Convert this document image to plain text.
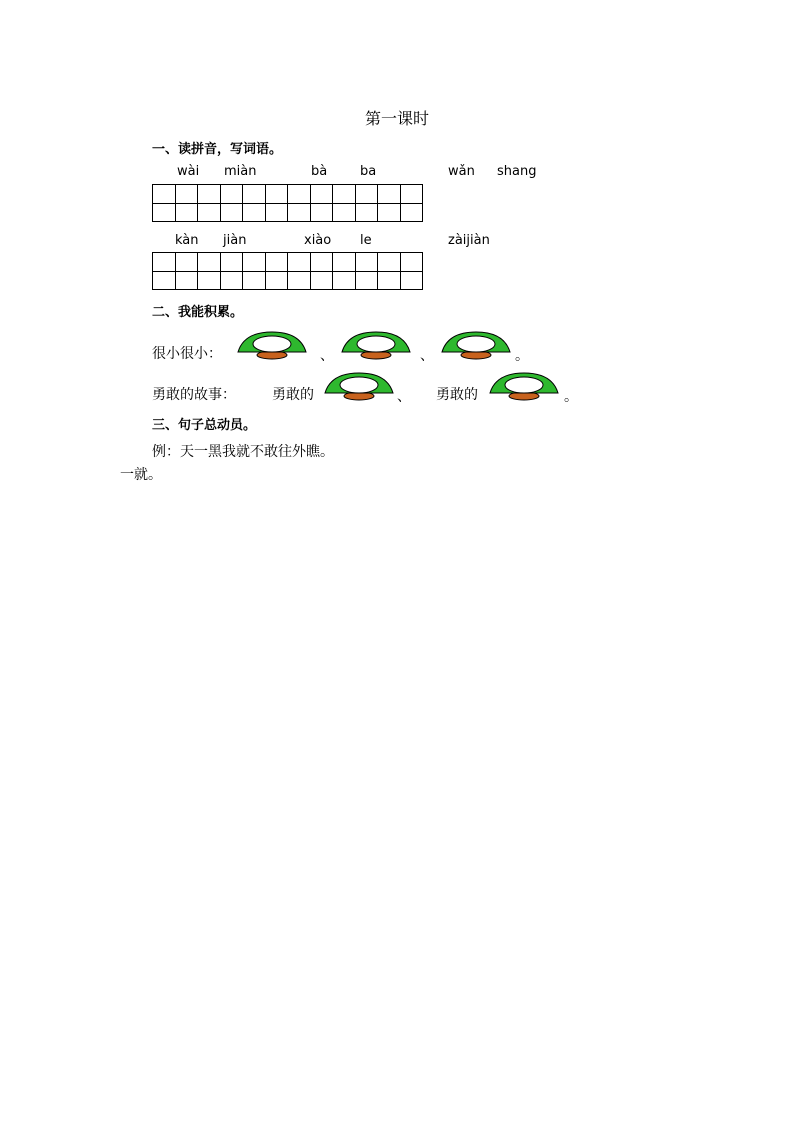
第一课时
一、读拼音，写词语。
wài miàn	bà	ba	wǎn shang
kàn jiàn	xiào le	zàijiàn
二、我能积累。
很小很小：	、	、	。
勇敢的故事：	勇敢的	、 勇敢的	。
三、句子总动员。
例：天一黑我就不敢往外瞧。
一就。
